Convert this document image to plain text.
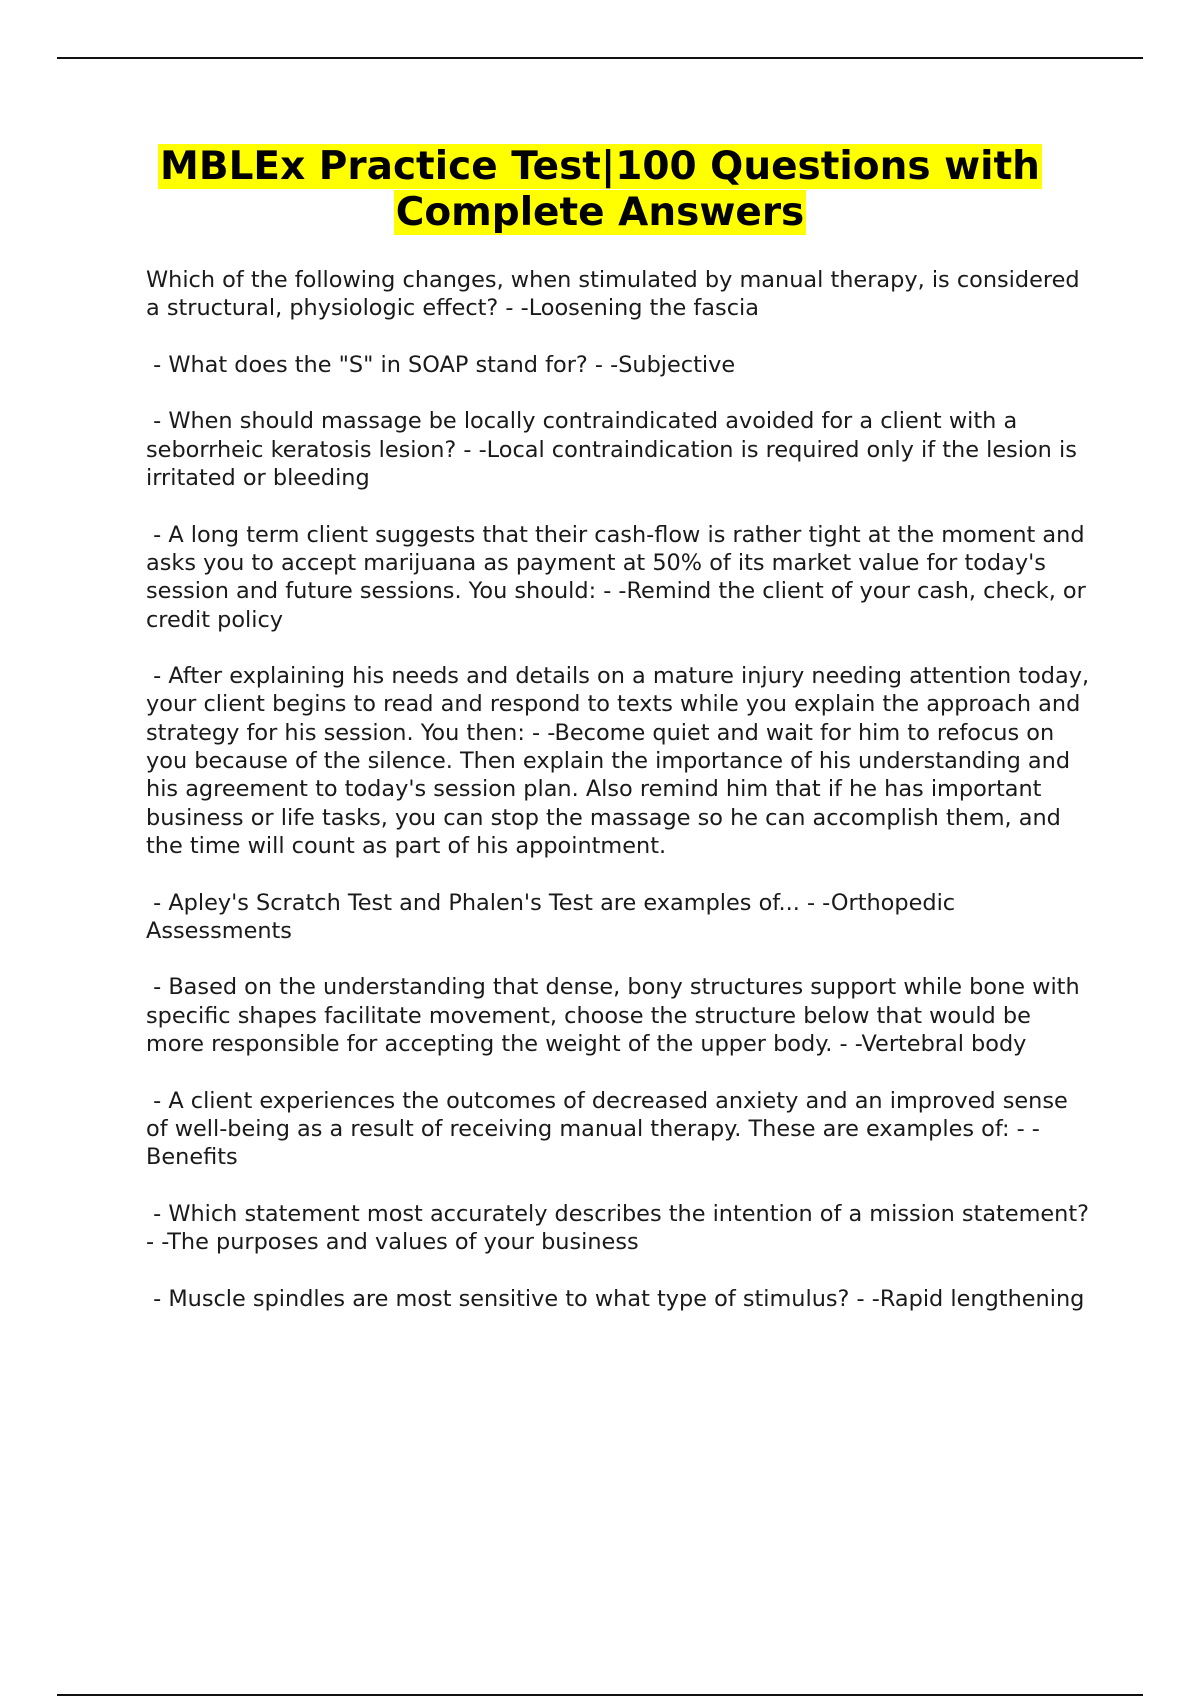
MBLEx Practice Test|100 Questions with
Complete Answers

Which of the following changes, when stimulated by manual therapy, is considered a structural, physiologic effect? - -Loosening the fascia

- What does the "S" in SOAP stand for? - -Subjective

- When should massage be locally contraindicated avoided for a client with a seborrheic keratosis lesion? - -Local contraindication is required only if the lesion is irritated or bleeding

- A long term client suggests that their cash-flow is rather tight at the moment and asks you to accept marijuana as payment at 50% of its market value for today's session and future sessions. You should: - -Remind the client of your cash, check, or credit policy

- After explaining his needs and details on a mature injury needing attention today, your client begins to read and respond to texts while you explain the approach and strategy for his session. You then: - -Become quiet and wait for him to refocus on you because of the silence. Then explain the importance of his understanding and his agreement to today's session plan. Also remind him that if he has important business or life tasks, you can stop the massage so he can accomplish them, and the time will count as part of his appointment.

- Apley's Scratch Test and Phalen's Test are examples of... - -Orthopedic Assessments

- Based on the understanding that dense, bony structures support while bone with specific shapes facilitate movement, choose the structure below that would be more responsible for accepting the weight of the upper body. - -Vertebral body

- A client experiences the outcomes of decreased anxiety and an improved sense of well-being as a result of receiving manual therapy. These are examples of: - -Benefits

- Which statement most accurately describes the intention of a mission statement? - -The purposes and values of your business

- Muscle spindles are most sensitive to what type of stimulus? - -Rapid lengthening
